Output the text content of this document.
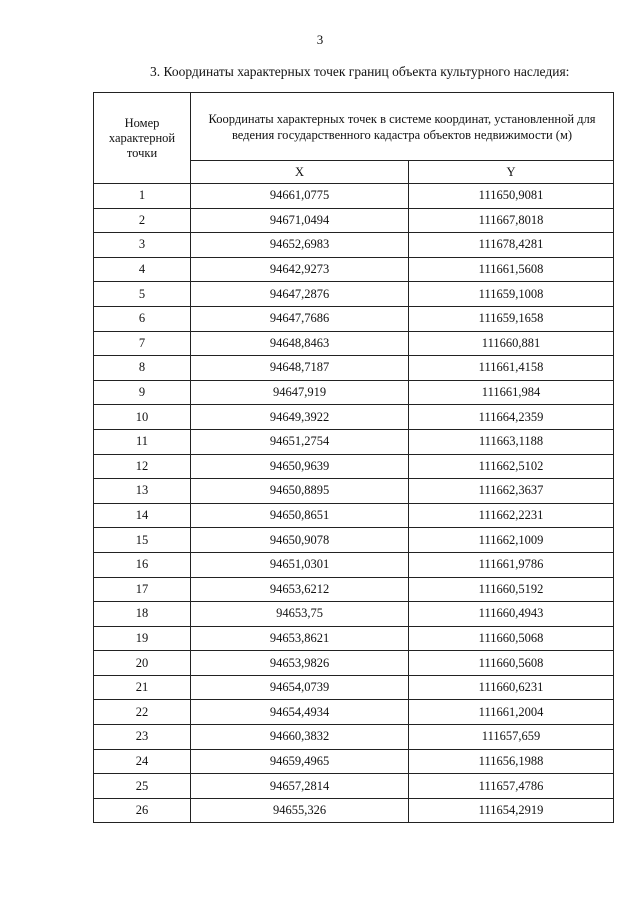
3
3. Координаты характерных точек границ объекта культурного наследия:
Номер
характерной
точки	Координаты характерных точек в системе координат, установленной для ведения государственного кадастра объектов недвижимости (м)	
	X	Y
1	94661,0775	111650,9081
2	94671,0494	111667,8018
3	94652,6983	111678,4281
4	94642,9273	111661,5608
5	94647,2876	111659,1008
6	94647,7686	111659,1658
7	94648,8463	111660,881
8	94648,7187	111661,4158
9	94647,919	111661,984
10	94649,3922	111664,2359
11	94651,2754	111663,1188
12	94650,9639	111662,5102
13	94650,8895	111662,3637
14	94650,8651	111662,2231
15	94650,9078	111662,1009
16	94651,0301	111661,9786
17	94653,6212	111660,5192
18	94653,75	111660,4943
19	94653,8621	111660,5068
20	94653,9826	111660,5608
21	94654,0739	111660,6231
22	94654,4934	111661,2004
23	94660,3832	111657,659
24	94659,4965	111656,1988
25	94657,2814	111657,4786
26	94655,326	111654,2919
